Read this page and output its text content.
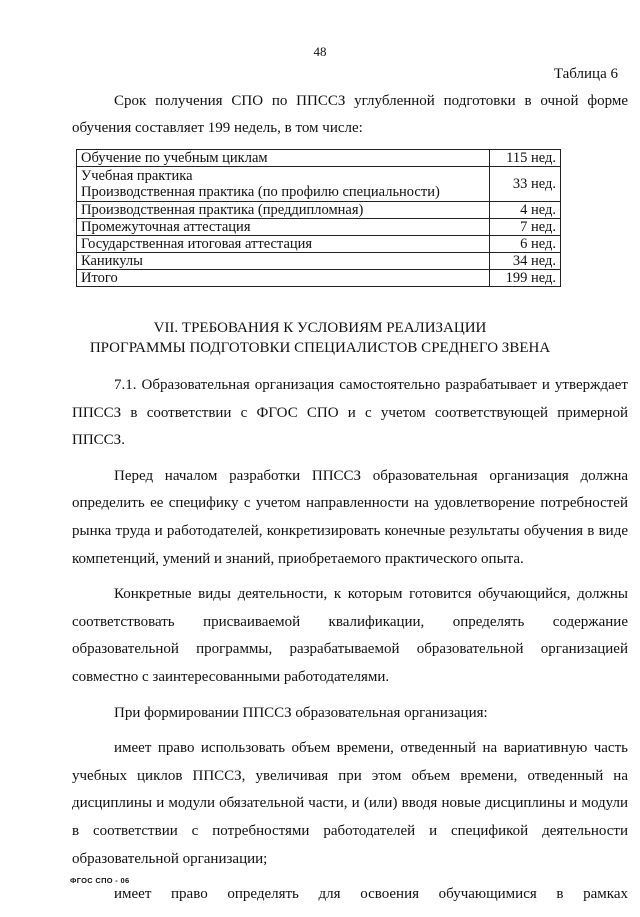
48
Таблица 6
Срок получения СПО по ППССЗ углубленной подготовки в очной форме
обучения составляет 199 недель, в том числе:
Обучение по учебным циклам	115 нед.

Учебная практика
Производственная практика (по профилю специальности)	33 нед.
Производственная практика (преддипломная)	4 нед.
Промежуточная аттестация	7 нед.
Государственная итоговая аттестация	6 нед.
Каникулы	34 нед.
Итого	199 нед.
VII. ТРЕБОВАНИЯ К УСЛОВИЯМ РЕАЛИЗАЦИИ
ПРОГРАММЫ ПОДГОТОВКИ СПЕЦИАЛИСТОВ СРЕДНЕГО ЗВЕНА

7.1. Образовательная организация самостоятельно разрабатывает и утверждает ППССЗ в соответствии с ФГОС СПО и с учетом соответствующей примерной ППССЗ.

Перед началом разработки ППССЗ образовательная организация должна определить ее специфику с учетом направленности на удовлетворение потребностей рынка труда и работодателей, конкретизировать конечные результаты обучения в виде компетенций, умений и знаний, приобретаемого практического опыта.

Конкретные виды деятельности, к которым готовится обучающийся, должны соответствовать присваиваемой квалификации, определять содержание образовательной программы, разрабатываемой образовательной организацией совместно с заинтересованными работодателями.

При формировании ППССЗ образовательная организация:

имеет право использовать объем времени, отведенный на вариативную часть учебных циклов ППССЗ, увеличивая при этом объем времени, отведенный на дисциплины и модули обязательной части, и (или) вводя новые дисциплины и модули в соответствии с потребностями работодателей и спецификой деятельности образовательной организации;

имеет право определять для освоения обучающимися в рамках

ФГОС СПО - 06
